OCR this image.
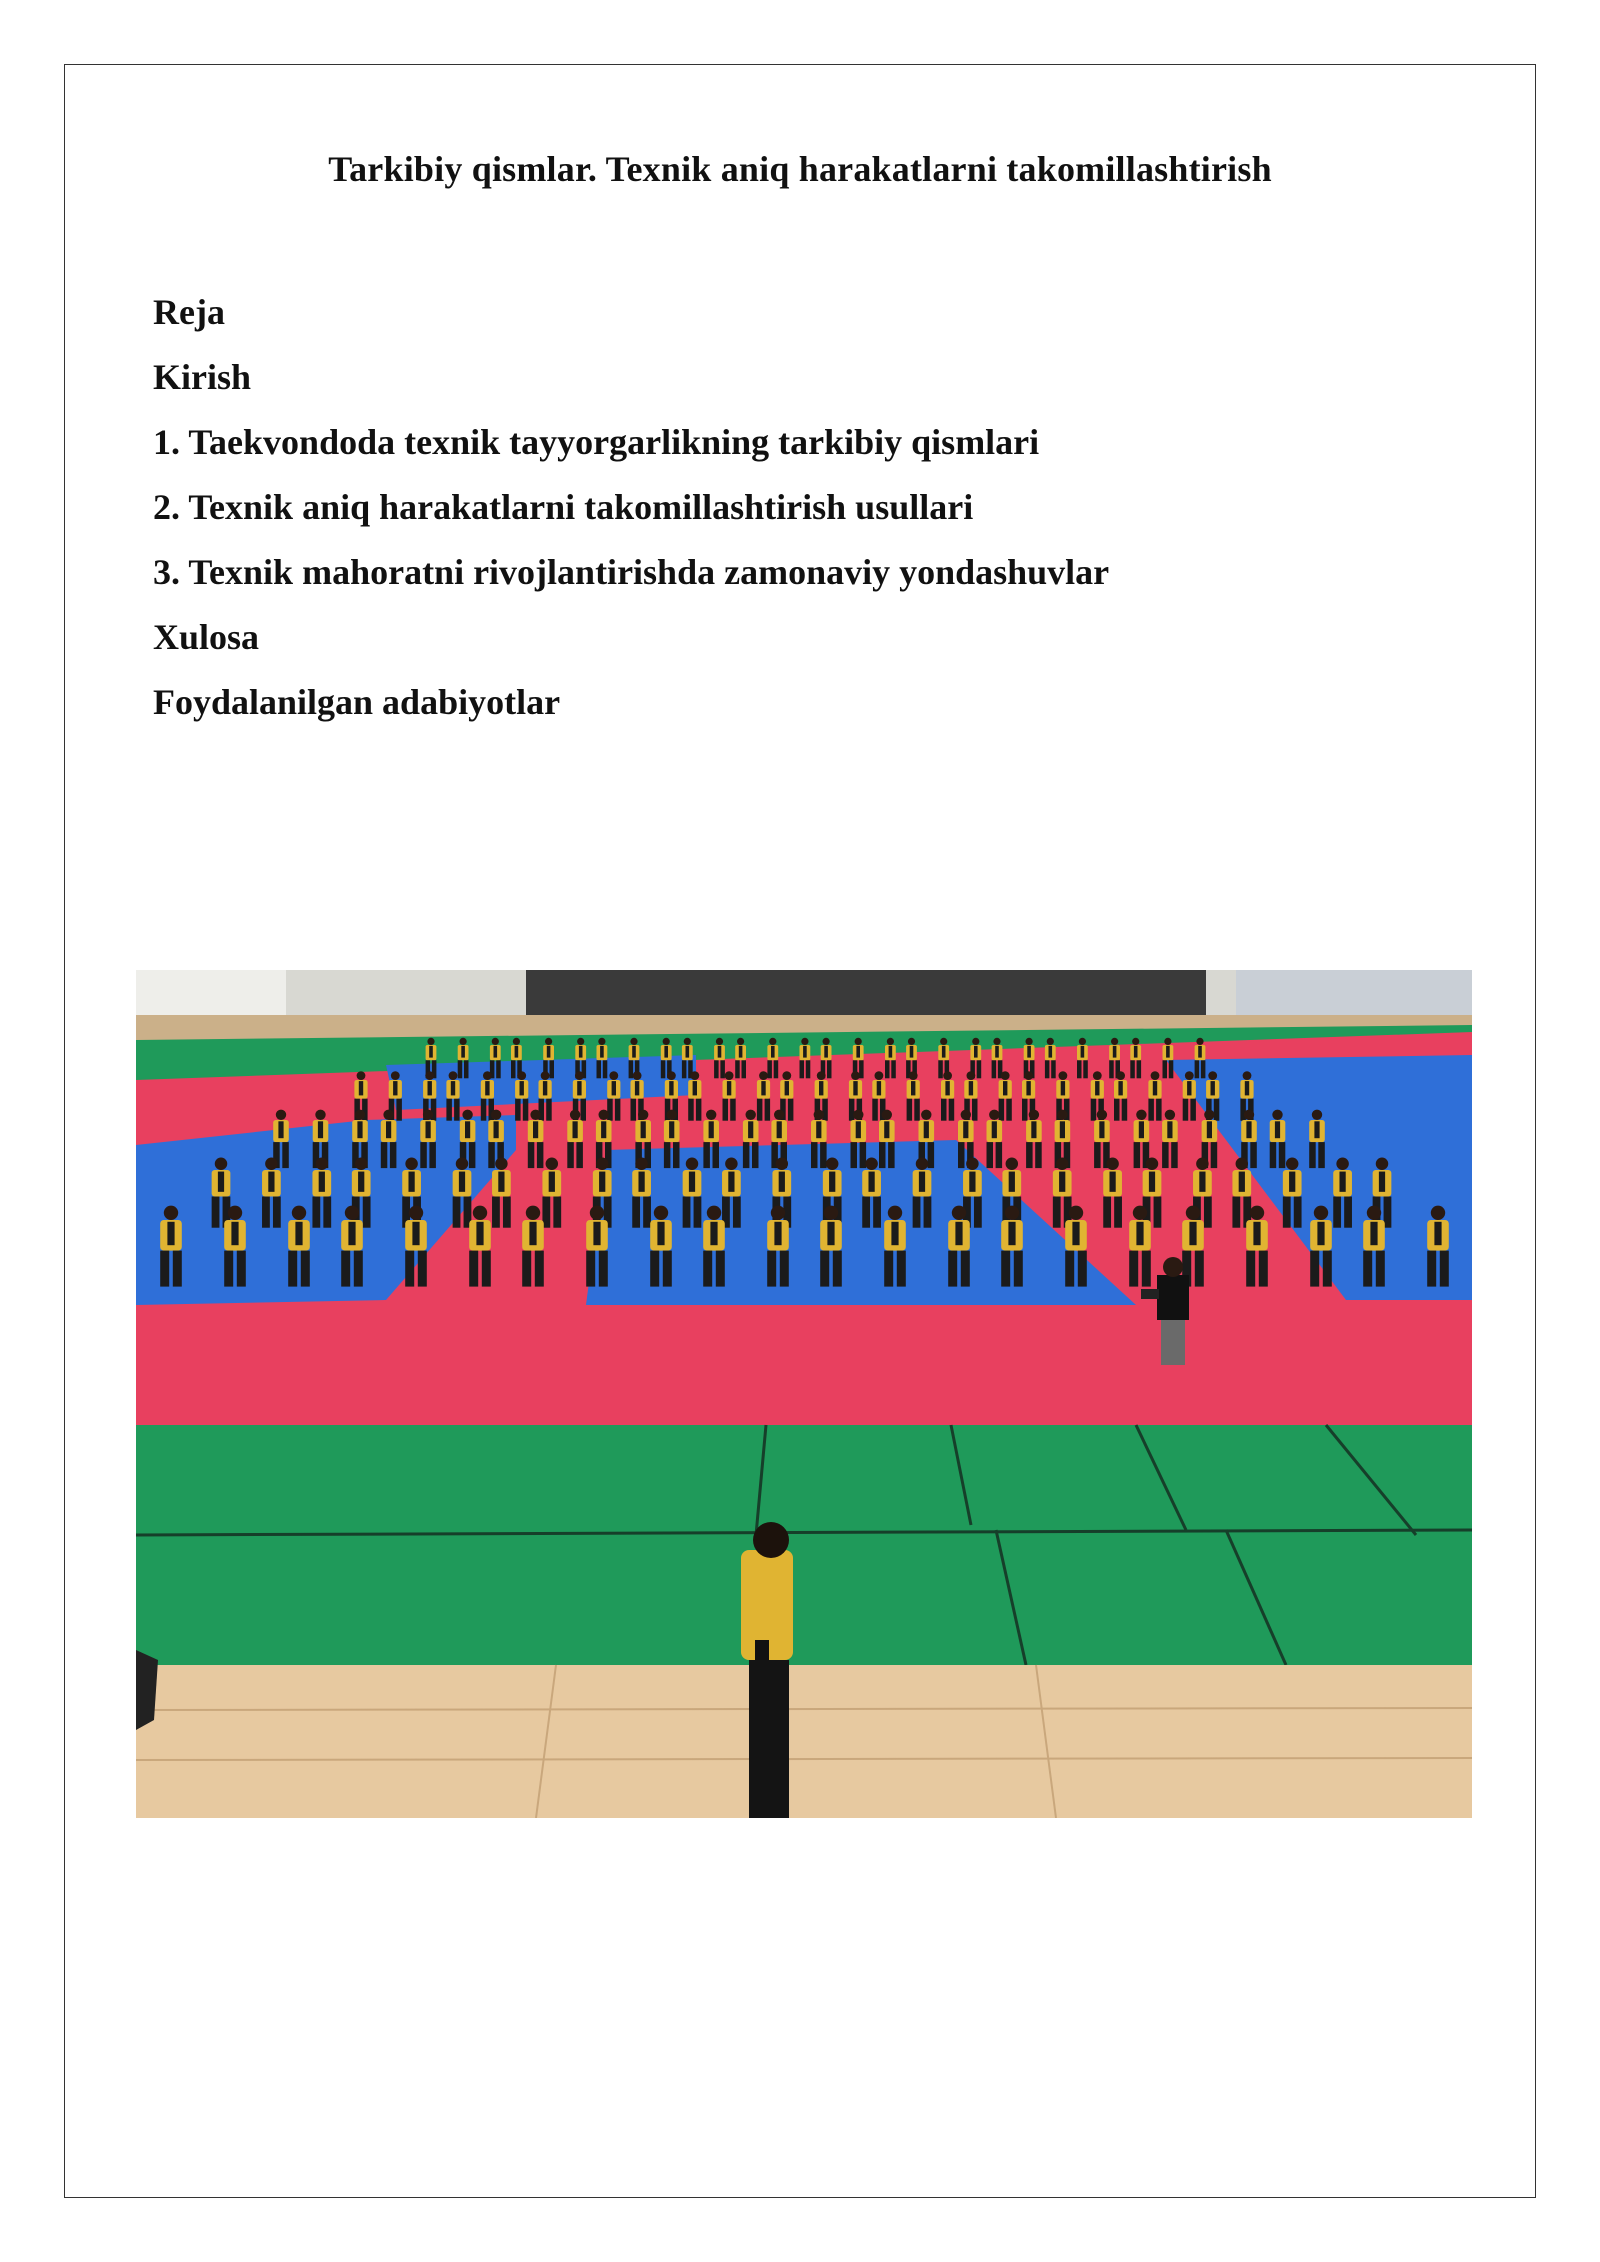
Tarkibiy qismlar. Texnik aniq harakatlarni takomillashtirish
Reja
Kirish
1. Taekvondoda texnik tayyorgarlikning tarkibiy qismlari
2. Texnik aniq harakatlarni takomillashtirish usullari
3. Texnik mahoratni rivojlantirishda zamonaviy yondashuvlar
Xulosa
Foydalanilgan adabiyotlar
